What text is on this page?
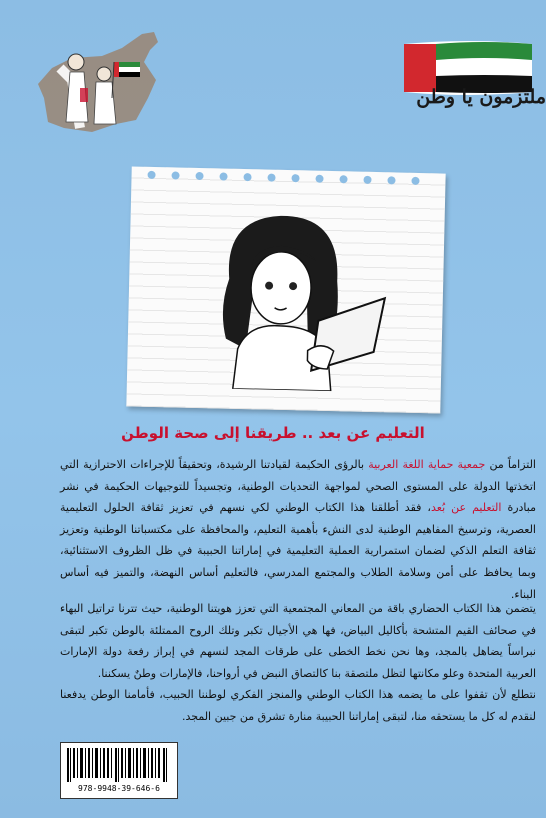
ملتزمون يا وطن
التعليم عن بعد .. طريقنا إلى صحة الوطن

التزاماً من جمعية حماية اللغة العربية بالرؤى الحكيمة لقيادتنا الرشيدة، وتحقيقاً للإجراءات الاحترازية التي اتخذتها الدولة على المستوى الصحي لمواجهة التحديات الوطنية، وتجسيداً للتوجيهات الحكيمة في نشر مبادرة التعليم عن بُعد، فقد أطلقنا هذا الكتاب الوطني لكي نسهم في تعزيز ثقافة الحلول التعليمية العصرية، وترسيخ المفاهيم الوطنية لدى النشء بأهمية التعليم، والمحافظة على مكتسباتنا الوطنية وتعزيز ثقافة التعلم الذكي لضمان استمرارية العملية التعليمية في إماراتنا الحبيبة في ظل الظروف الاستثنائية، وبما يحافظ على أمن وسلامة الطلاب والمجتمع المدرسي، فالتعليم أساس النهضة، والتميز فيه أساس البناء.

يتضمن هذا الكتاب الحضاري باقة من المعاني المجتمعية التي تعزز هويتنا الوطنية، حيث تترنا تراتيل البهاء في صحائف القيم المتشحة بأكاليل البياض، فها هي الأجيال تكبر وتلك الروح الممتلئة بالوطن تكبر لتبقى نبراساً يضاهل بالمجد، وها نحن نخط الخطى على طرقات المجد لنسهم في إبراز رفعة دولة الإمارات العربية المتحدة وعلو مكانتها لتظل ملتصقة بنا كالتصاق النبض في أرواحنا، فالإمارات وطنٌ يسكننا.

نتطلع لأن تقفوا على ما يضمه هذا الكتاب الوطني والمنجز الفكري لوطننا الحبيب، فأمامنا الوطن يدفعنا لنقدم له كل ما يستحقه منا، لتبقى إماراتنا الحبيبة منارة تشرق من جبين المجد.

978-9948-39-646-6
